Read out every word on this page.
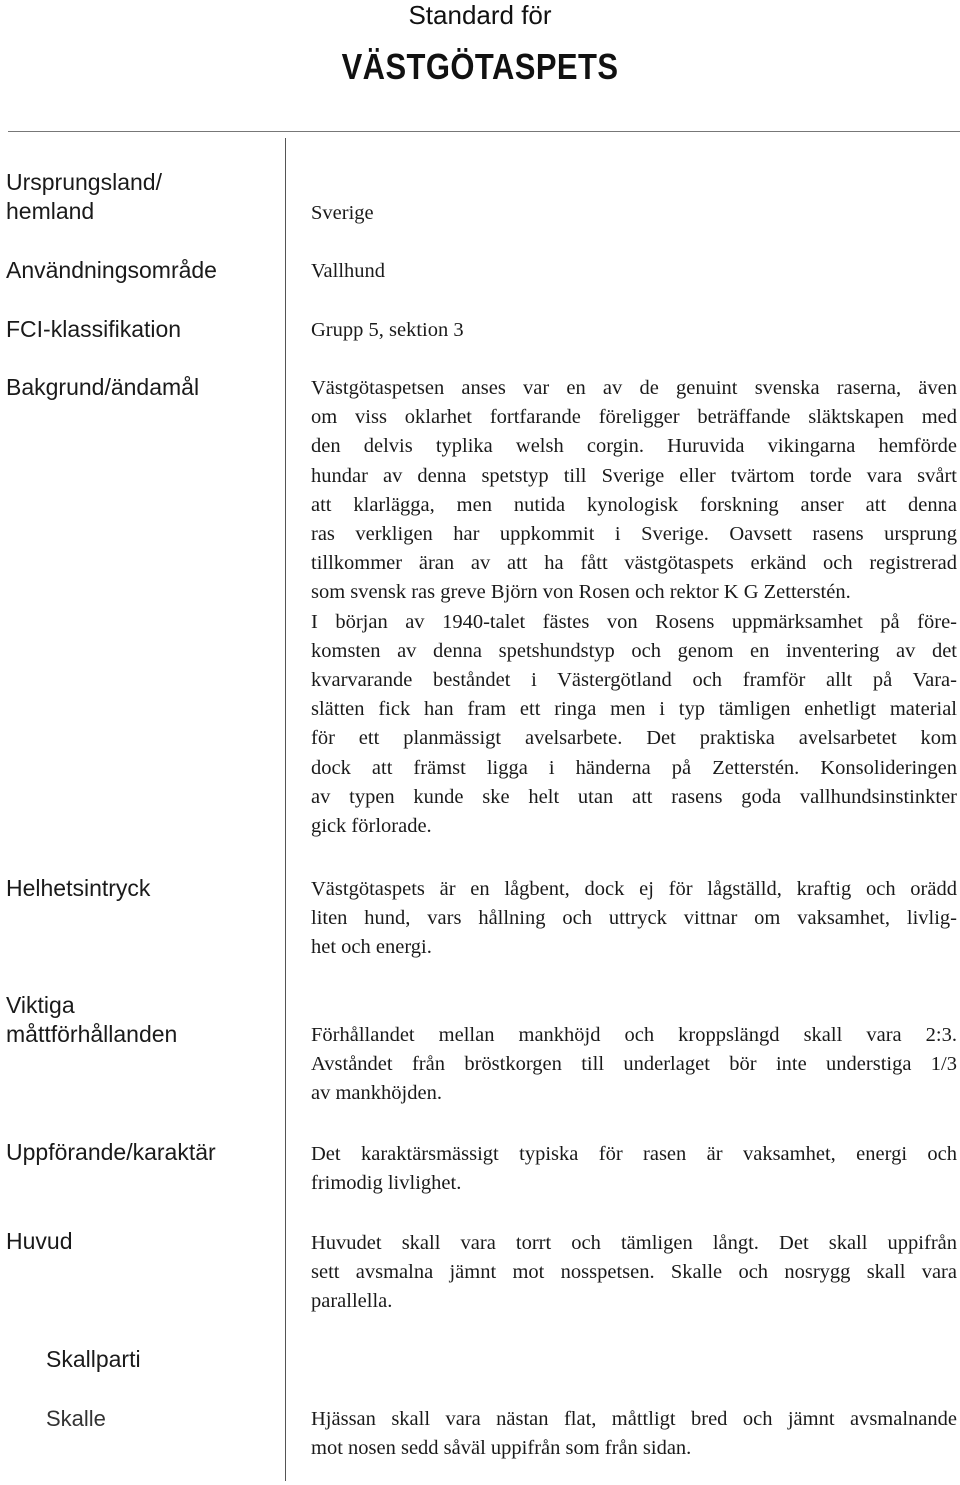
Standard för
VÄSTGÖTASPETS
Ursprungsland/
hemland	Sverige
Användningsområde	Vallhund
FCI-klassifikation	Grupp 5, sektion 3
Bakgrund/ändamål	Västgötaspetsen anses var en av de genuint svenska raserna, även
om viss oklarhet fortfarande föreligger beträffande släktskapen med
den delvis typlika welsh corgin. Huruvida vikingarna hemförde
hundar av denna spetstyp till Sverige eller tvärtom torde vara svårt
att klarlägga, men nutida kynologisk forskning anser att denna
ras verkligen har uppkommit i Sverige. Oavsett rasens ursprung
tillkommer äran av att ha fått västgötaspets erkänd och registrerad
som svensk ras greve Björn von Rosen och rektor K G Zetterstén.
I början av 1940-talet fästes von Rosens uppmärksamhet på före-
komsten av denna spetshundstyp och genom en inventering av det
kvarvarande beståndet i Västergötland och framför allt på Vara-
slätten fick han fram ett ringa men i typ tämligen enhetligt material
för ett planmässigt avelsarbete. Det praktiska avelsarbetet kom
dock att främst ligga i händerna på Zetterstén. Konsolideringen
av typen kunde ske helt utan att rasens goda vallhundsinstinkter
gick förlorade.
Helhetsintryck	Västgötaspets är en lågbent, dock ej för lågställd, kraftig och orädd
liten hund, vars hållning och uttryck vittnar om vaksamhet, livlig-
het och energi.
Viktiga
måttförhållanden	Förhållandet mellan mankhöjd och kroppslängd skall vara 2:3.
Avståndet från bröstkorgen till underlaget bör inte understiga 1/3
av mankhöjden.
Uppförande/karaktär	Det karaktärsmässigt typiska för rasen är vaksamhet, energi och
frimodig livlighet.
Huvud	Huvudet skall vara torrt och tämligen långt. Det skall uppifrån
sett avsmalna jämnt mot nosspetsen. Skalle och nosrygg skall vara
parallella.
Skallparti
Skalle	Hjässan skall vara nästan flat, måttligt bred och jämnt avsmalnande
mot nosen sedd såväl uppifrån som från sidan.
